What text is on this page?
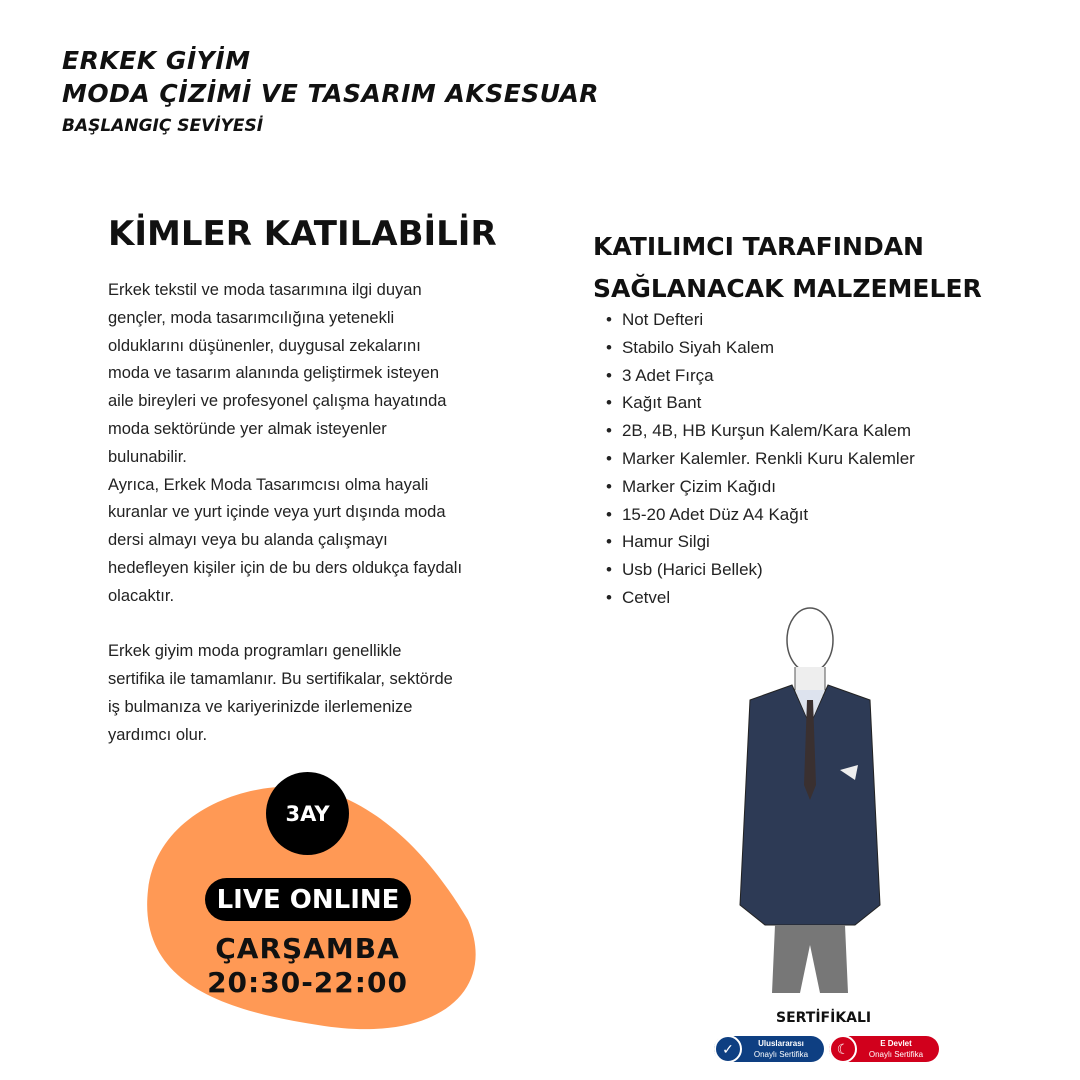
ERKEK GİYİM
MODA ÇİZİMİ VE TASARIM AKSESUAR
BAŞLANGIÇ SEVİYESİ
KİMLER KATILABİLİR
Erkek tekstil ve moda tasarımına ilgi duyan
gençler, moda tasarımcılığına yetenekli
olduklarını düşünenler, duygusal zekalarını
moda ve tasarım alanında geliştirmek isteyen
aile bireyleri ve profesyonel çalışma hayatında
moda sektöründe yer almak isteyenler
bulunabilir.
Ayrıca, Erkek Moda Tasarımcısı olma hayali
kuranlar ve yurt içinde veya yurt dışında moda
dersi almayı veya bu alanda çalışmayı
hedefleyen kişiler için de bu ders oldukça faydalı
olacaktır.
Erkek giyim moda programları genellikle
sertifika ile tamamlanır. Bu sertifikalar, sektörde
iş bulmanıza ve kariyerinizde ilerlemenize
yardımcı olur.
KATILIMCI TARAFINDAN
SAĞLANACAK MALZEMELER
• Not Defteri
• Stabilo Siyah Kalem
• 3 Adet Fırça
• Kağıt Bant
• 2B, 4B, HB Kurşun Kalem/Kara Kalem
• Marker Kalemler. Renkli Kuru Kalemler
• Marker Çizim Kağıdı
• 15-20 Adet Düz A4 Kağıt
• Hamur Silgi
• Usb (Harici Bellek)
• Cetvel
3AY
LIVE ONLINE
ÇARŞAMBA
20:30-22:00
SERTİFİKALI
✓	Uluslararası
Onaylı Sertifika	☾	E Devlet
Onaylı Sertifika
